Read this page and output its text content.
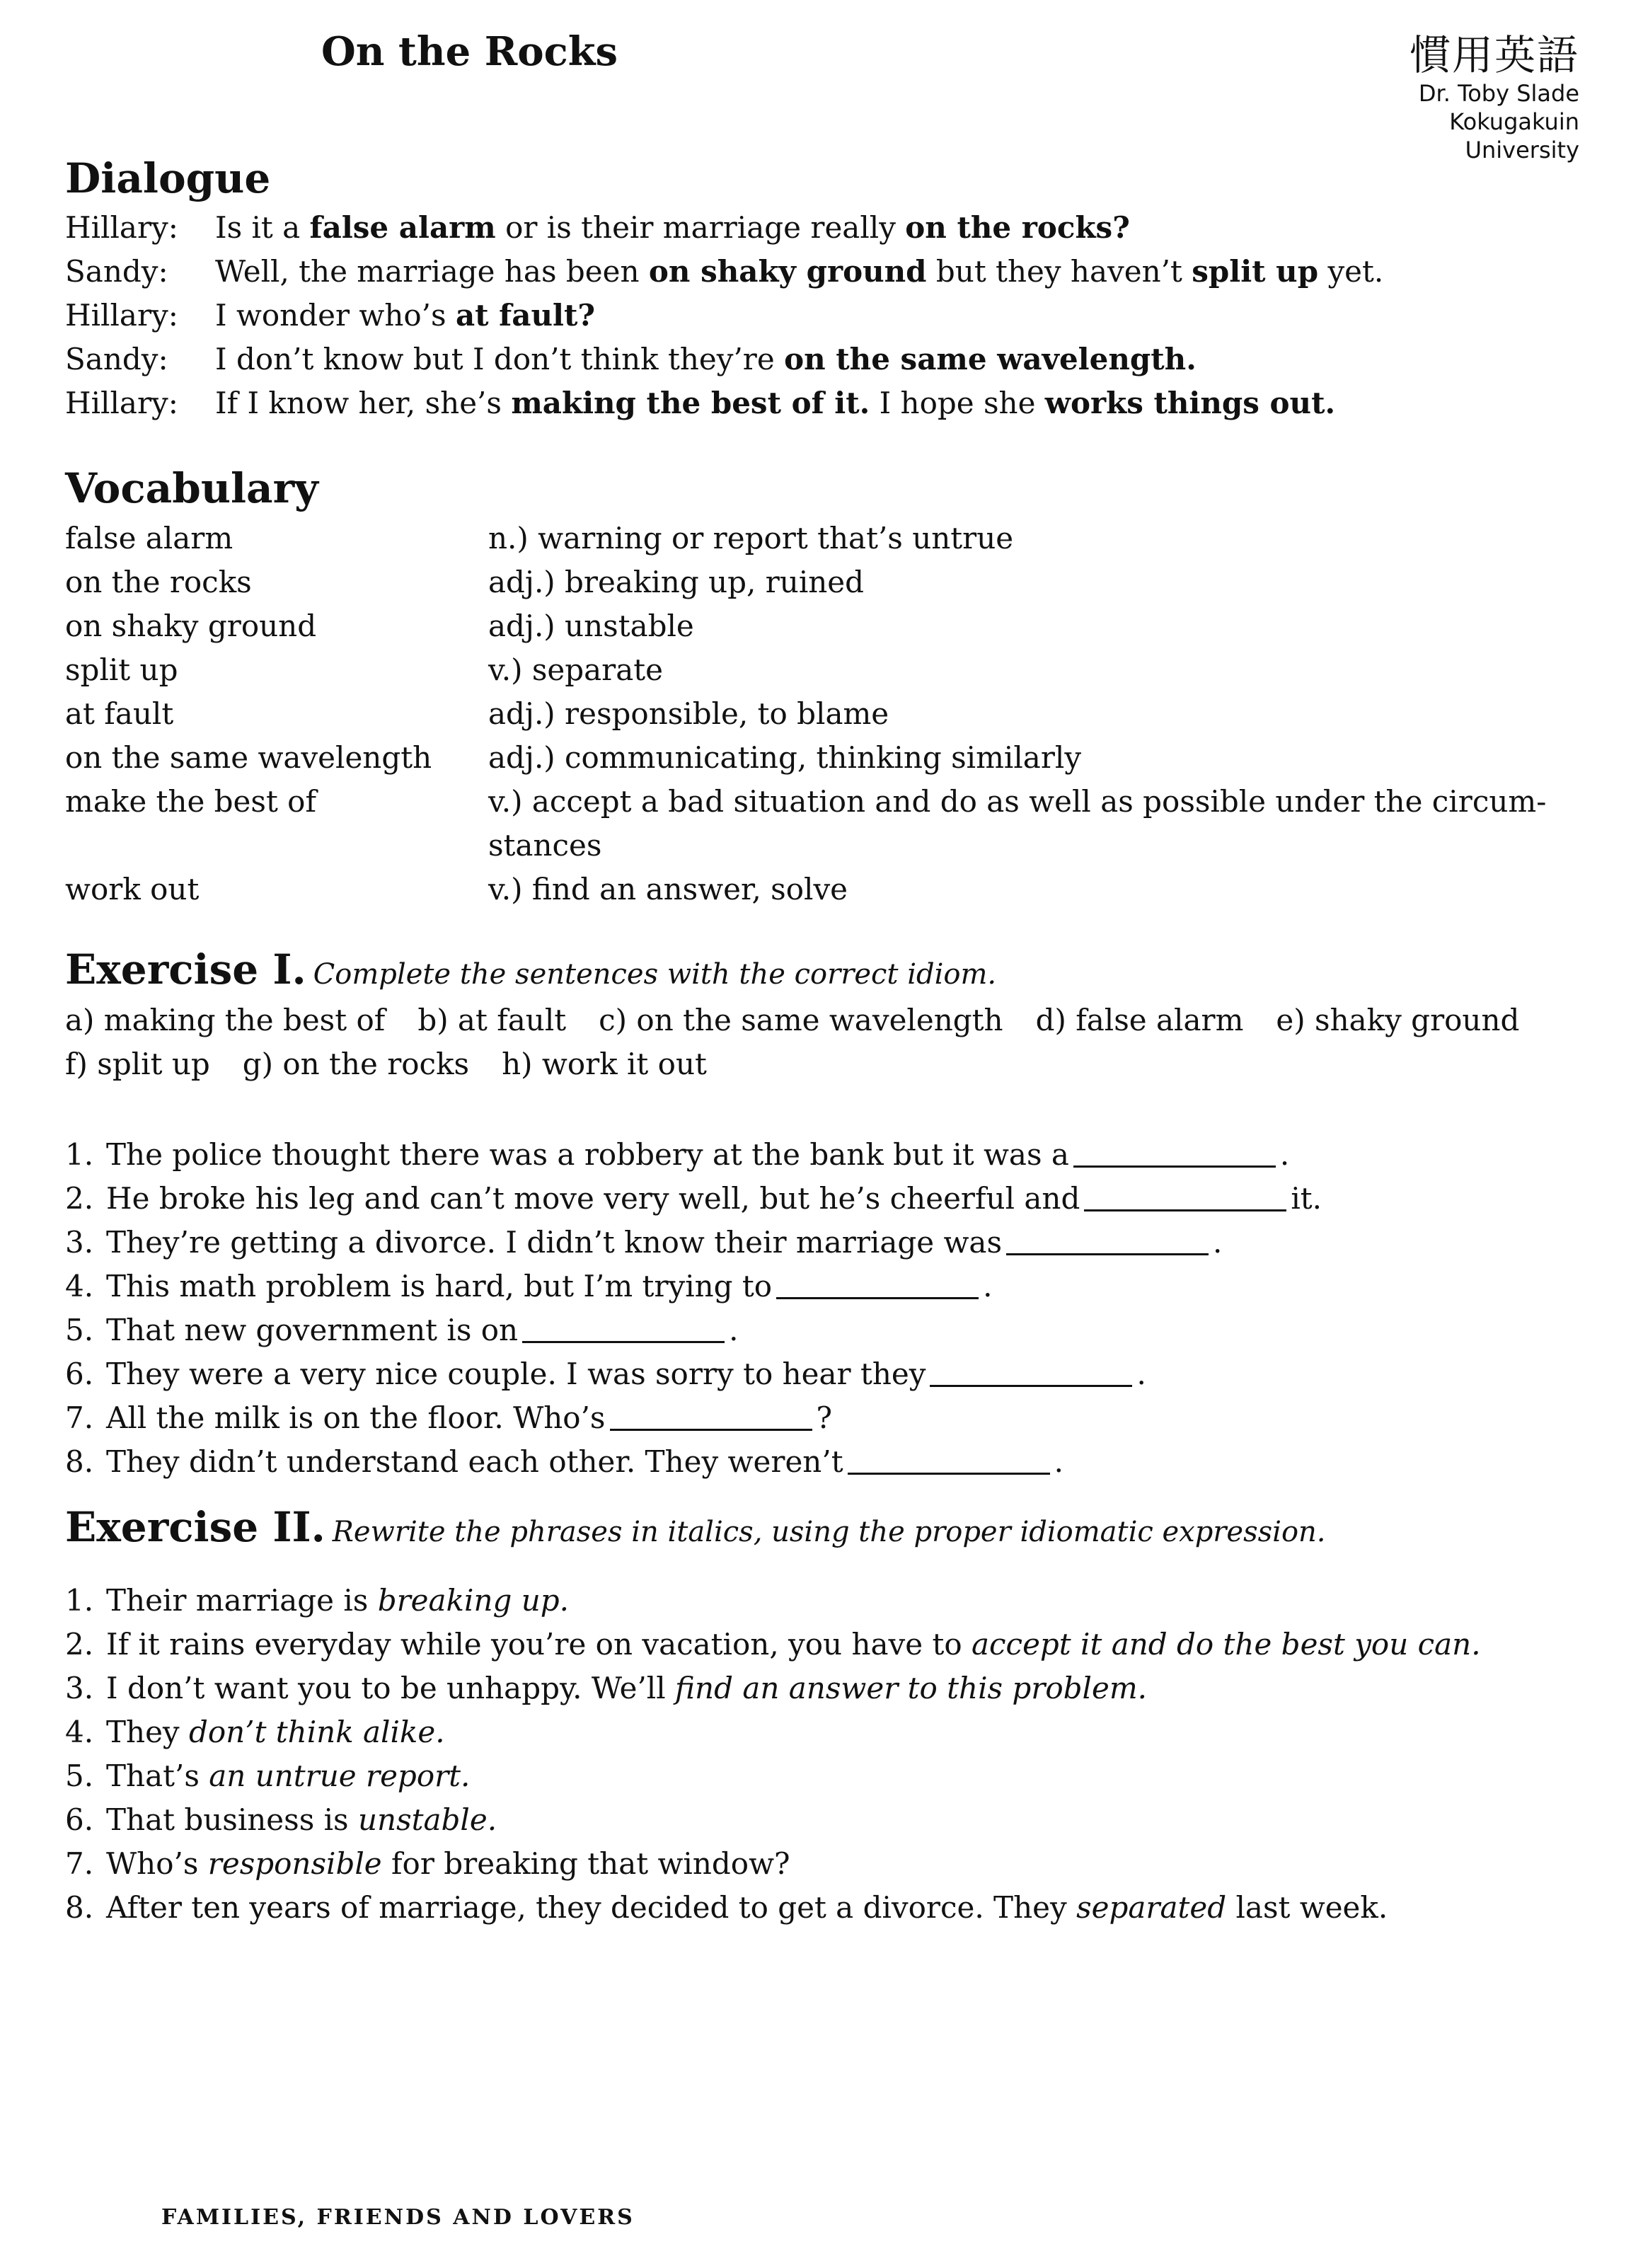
On the Rocks	慣用英語
Dr. Toby Slade
Kokugakuin
University
Dialogue
Hillary:	Is it a false alarm or is their marriage really on the rocks?
Sandy:	Well, the marriage has been on shaky ground but they haven’t split up yet.
Hillary:	I wonder who’s at fault?
Sandy:	I don’t know but I don’t think they’re on the same wavelength.
Hillary:	If I know her, she’s making the best of it. I hope she works things out.
Vocabulary
false alarm	n.) warning or report that’s untrue
on the rocks	adj.) breaking up, ruined
on shaky ground	adj.) unstable
split up	v.) separate
at fault	adj.) responsible, to blame
on the same wavelength	adj.) communicating, thinking similarly
make the best of	v.) accept a bad situation and do as well as possible under the circum-
stances
work out	v.) find an answer, solve
Exercise I. Complete the sentences with the correct idiom.
a) making the best of b) at fault c) on the same wavelength d) false alarm e) shaky ground
f) split up g) on the rocks h) work it out
1. The police thought there was a robbery at the bank but it was a	.
2. He broke his leg and can’t move very well, but he’s cheerful and	it.
3. They’re getting a divorce. I didn’t know their marriage was	.
4. This math problem is hard, but I’m trying to	.
5. That new government is on	.
6. They were a very nice couple. I was sorry to hear they	.
7. All the milk is on the floor. Who’s	?
8. They didn’t understand each other. They weren’t	.
Exercise II. Rewrite the phrases in italics, using the proper idiomatic expression.
1. Their marriage is breaking up.
2. If it rains everyday while you’re on vacation, you have to accept it and do the best you can.
3. I don’t want you to be unhappy. We’ll find an answer to this problem.
4. They don’t think alike.
5. That’s an untrue report.
6. That business is unstable.
7. Who’s responsible for breaking that window?
8. After ten years of marriage, they decided to get a divorce. They separated last week.
FAMILIES, FRIENDS AND LOVERS
